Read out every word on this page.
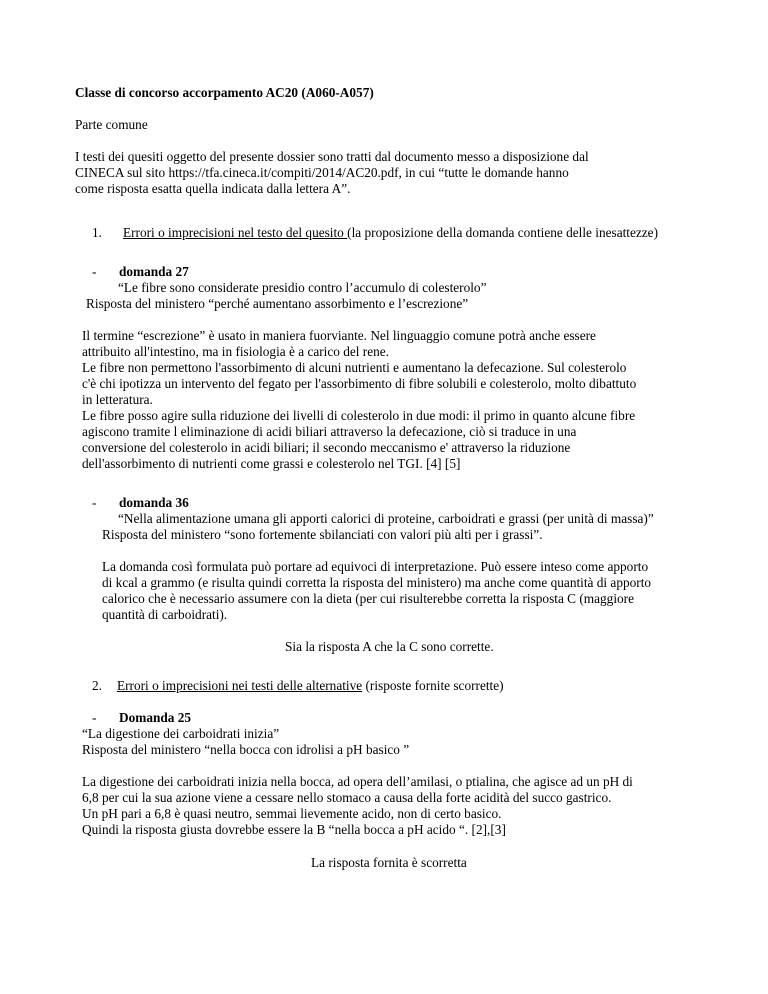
Classe di concorso accorpamento AC20 (A060-A057)
Parte comune
I testi dei quesiti oggetto del presente dossier sono tratti dal documento messo a disposizione dal
CINECA sul sito https://tfa.cineca.it/compiti/2014/AC20.pdf, in cui “tutte le domande hanno
come risposta esatta quella indicata dalla lettera A”.
1. Errori o imprecisioni nel testo del quesito (la proposizione della domanda contiene delle inesattezze)
- domanda 27
“Le fibre sono considerate presidio contro l’accumulo di colesterolo”
Risposta del ministero “perché aumentano assorbimento e l’escrezione”
Il termine “escrezione” è usato in maniera fuorviante. Nel linguaggio comune potrà anche essere
attribuito all'intestino, ma in fisiologia è a carico del rene.
Le fibre non permettono l'assorbimento di alcuni nutrienti e aumentano la defecazione. Sul colesterolo
c'è chi ipotizza un intervento del fegato per l'assorbimento di fibre solubili e colesterolo, molto dibattuto
in letteratura.
Le fibre posso agire sulla riduzione dei livelli di colesterolo in due modi: il primo in quanto alcune fibre
agiscono tramite l eliminazione di acidi biliari attraverso la defecazione, ciò si traduce in una
conversione del colesterolo in acidi biliari; il secondo meccanismo e' attraverso la riduzione
dell'assorbimento di nutrienti come grassi e colesterolo nel TGI. [4] [5]
- domanda 36
“Nella alimentazione umana gli apporti calorici di proteine, carboidrati e grassi (per unità di massa)”
Risposta del ministero “sono fortemente sbilanciati con valori più alti per i grassi”.
La domanda così formulata può portare ad equivoci di interpretazione. Può essere inteso come apporto
di kcal a grammo (e risulta quindi corretta la risposta del ministero) ma anche come quantità di apporto
calorico che è necessario assumere con la dieta (per cui risulterebbe corretta la risposta C (maggiore
quantità di carboidrati).
Sia la risposta A che la C sono corrette.
2. Errori o imprecisioni nei testi delle alternative (risposte fornite scorrette)
- Domanda 25
“La digestione dei carboidrati inizia”
Risposta del ministero “nella bocca con idrolisi a pH basico ”
La digestione dei carboidrati inizia nella bocca, ad opera dell’amilasi, o ptialina, che agisce ad un pH di
6,8 per cui la sua azione viene a cessare nello stomaco a causa della forte acidità del succo gastrico.
Un pH pari a 6,8 è quasi neutro, semmai lievemente acido, non di certo basico.
Quindi la risposta giusta dovrebbe essere la B “nella bocca a pH acido “. [2],[3]
La risposta fornita è scorretta
